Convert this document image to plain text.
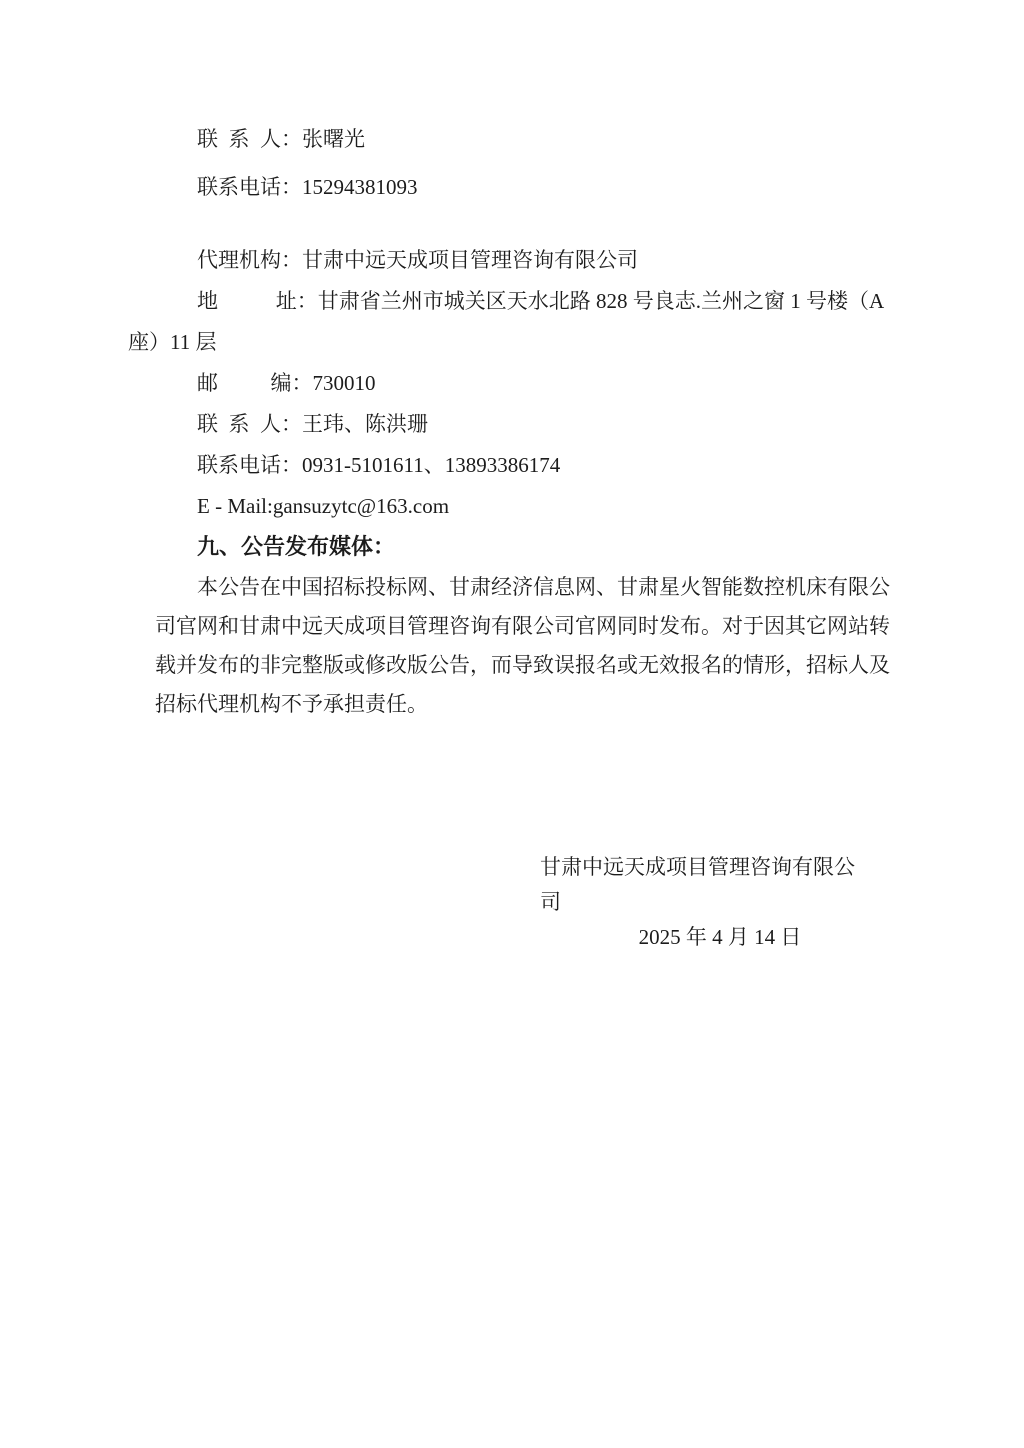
联  系  人：张曙光

联系电话：15294381093

代理机构：甘肃中远天成项目管理咨询有限公司

地           址：甘肃省兰州市城关区天水北路 828 号良志.兰州之窗 1 号楼（A座）11 层

邮          编：730010

联  系  人：王玮、陈洪珊

联系电话：0931-5101611、13893386174

E - Mail:gansuzytc@163.com

九、公告发布媒体：

本公告在中国招标投标网、甘肃经济信息网、甘肃星火智能数控机床有限公司官网和甘肃中远天成项目管理咨询有限公司官网同时发布。对于因其它网站转载并发布的非完整版或修改版公告，而导致误报名或无效报名的情形，招标人及招标代理机构不予承担责任。

甘肃中远天成项目管理咨询有限公司

2025 年 4 月 14 日
